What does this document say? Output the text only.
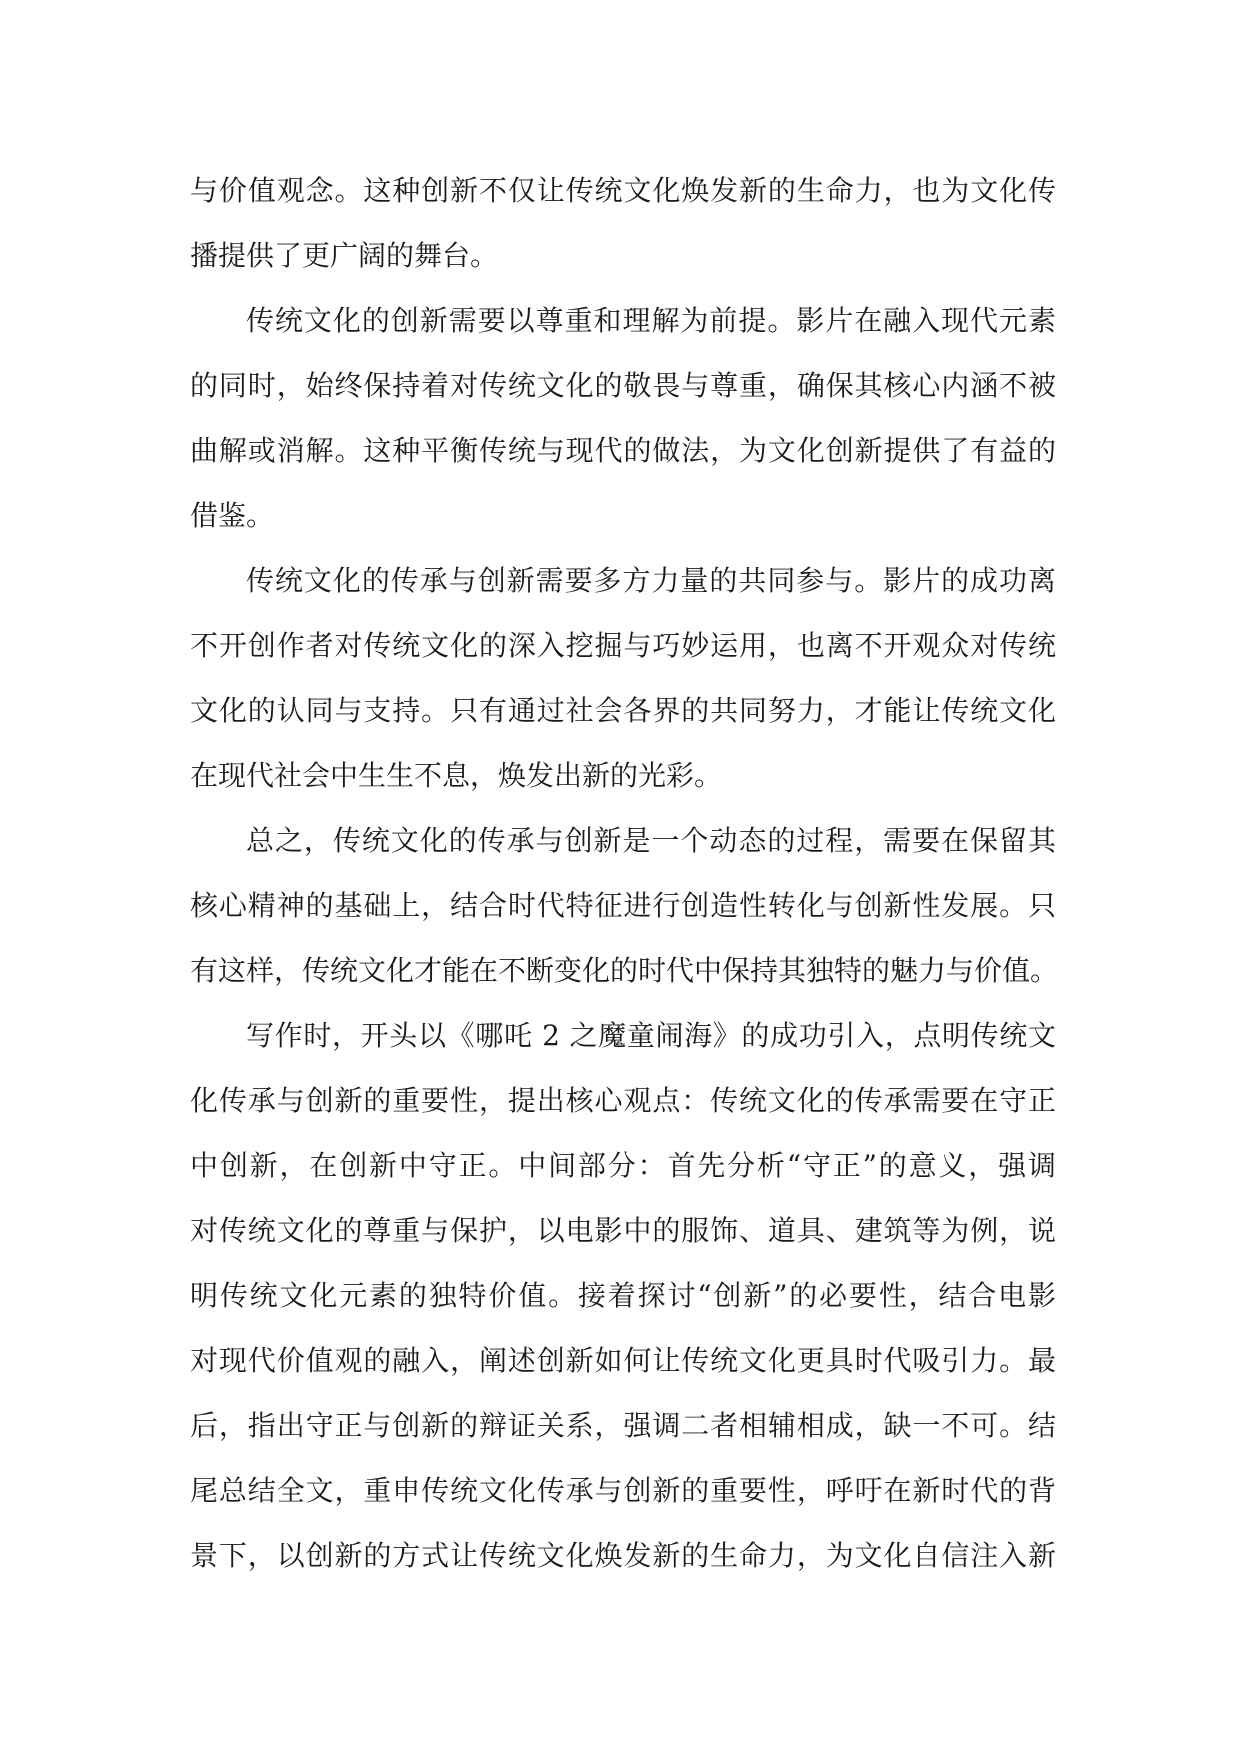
与价值观念。这种创新不仅让传统文化焕发新的生命力，也为文化传
播提供了更广阔的舞台。
传统文化的创新需要以尊重和理解为前提。影片在融入现代元素
的同时，始终保持着对传统文化的敬畏与尊重，确保其核心内涵不被
曲解或消解。这种平衡传统与现代的做法，为文化创新提供了有益的
借鉴。
传统文化的传承与创新需要多方力量的共同参与。影片的成功离
不开创作者对传统文化的深入挖掘与巧妙运用，也离不开观众对传统
文化的认同与支持。只有通过社会各界的共同努力，才能让传统文化
在现代社会中生生不息，焕发出新的光彩。
总之，传统文化的传承与创新是一个动态的过程，需要在保留其
核心精神的基础上，结合时代特征进行创造性转化与创新性发展。只
有这样，传统文化才能在不断变化的时代中保持其独特的魅力与价值。
写作时，开头以《哪吒 2 之魔童闹海》的成功引入，点明传统文
化传承与创新的重要性，提出核心观点：传统文化的传承需要在守正
中创新，在创新中守正。中间部分：首先分析“守正”的意义，强调
对传统文化的尊重与保护，以电影中的服饰、道具、建筑等为例，说
明传统文化元素的独特价值。接着探讨“创新”的必要性，结合电影
对现代价值观的融入，阐述创新如何让传统文化更具时代吸引力。最
后，指出守正与创新的辩证关系，强调二者相辅相成，缺一不可。结
尾总结全文，重申传统文化传承与创新的重要性，呼吁在新时代的背
景下，以创新的方式让传统文化焕发新的生命力，为文化自信注入新
